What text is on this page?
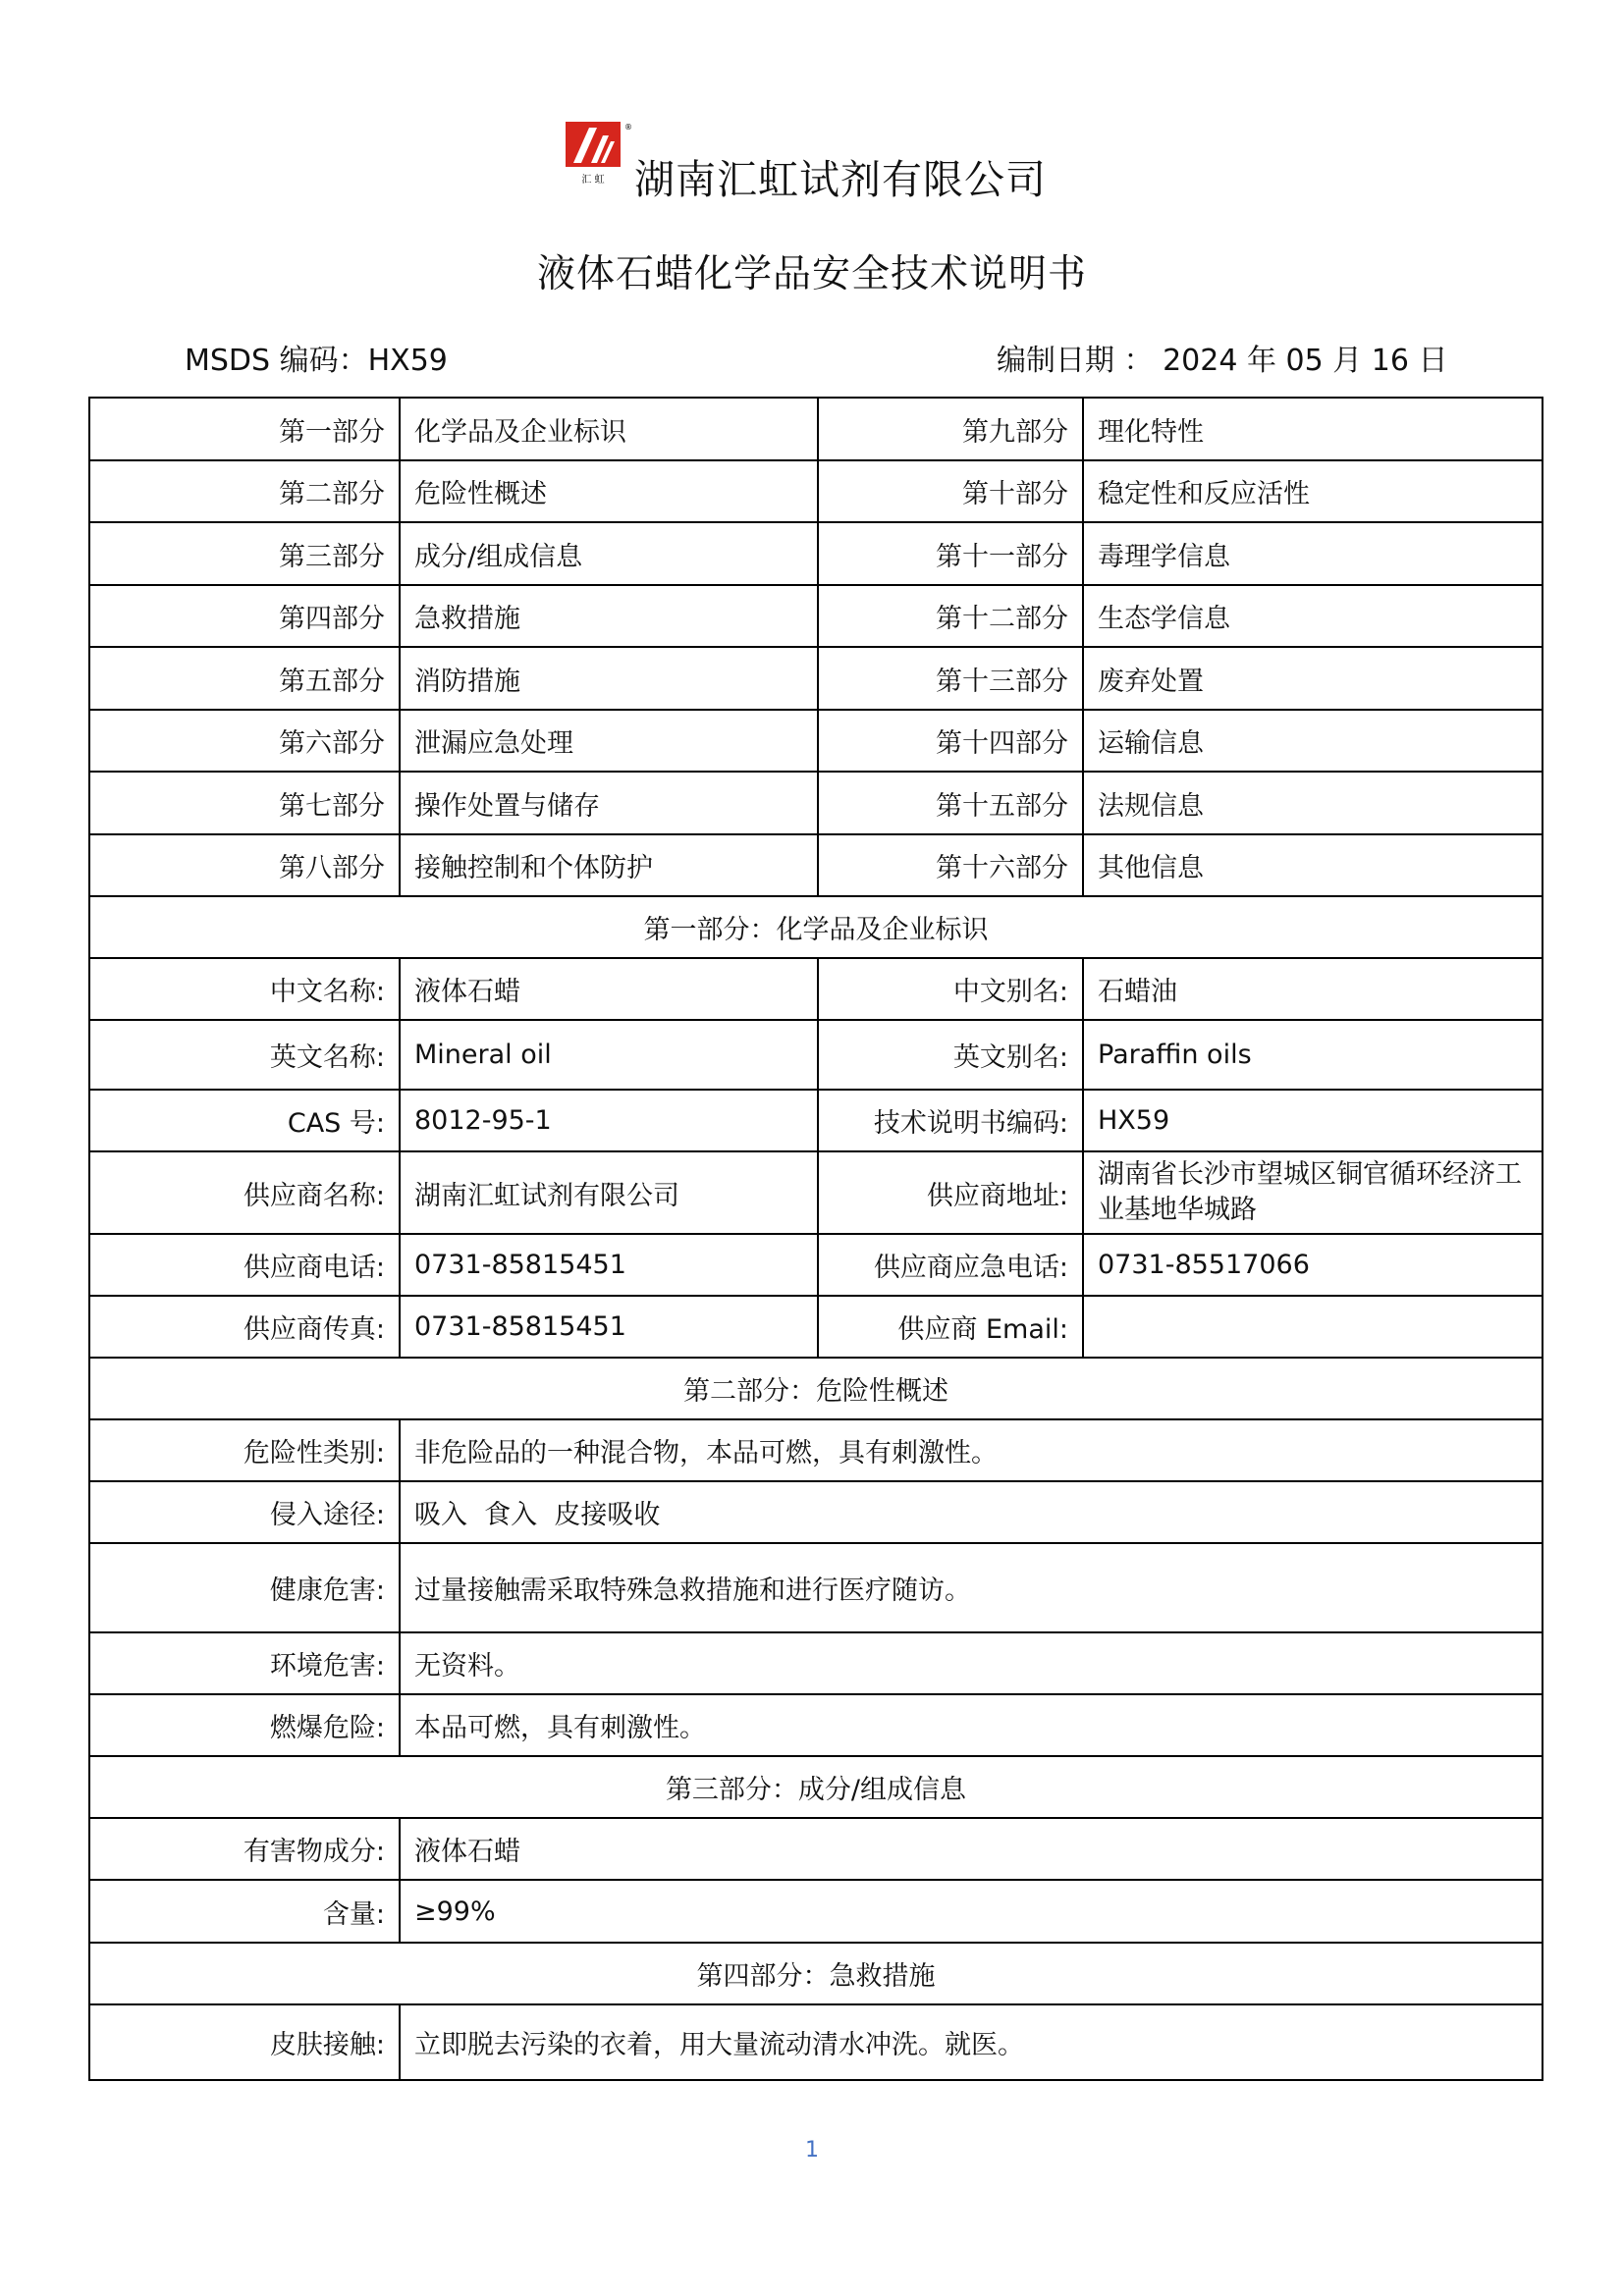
汇 虹
®
湖南汇虹试剂有限公司
液体石蜡化学品安全技术说明书
MSDS 编码：HX59	编制日期 ： 2024 年 05 月 16 日
第一部分	化学品及企业标识	第九部分	理化特性
第二部分	危险性概述	第十部分	稳定性和反应活性
第三部分	成分/组成信息	第十一部分	毒理学信息
第四部分	急救措施	第十二部分	生态学信息
第五部分	消防措施	第十三部分	废弃处置
第六部分	泄漏应急处理	第十四部分	运输信息
第七部分	操作处置与储存	第十五部分	法规信息
第八部分	接触控制和个体防护	第十六部分	其他信息
第一部分：化学品及企业标识			
中文名称:	液体石蜡	中文别名:	石蜡油
英文名称:	Mineral oil	英文别名:	Paraffin oils
CAS 号:	8012-95-1	技术说明书编码:	HX59
供应商名称:	湖南汇虹试剂有限公司	供应商地址:	湖南省长沙市望城区铜官循环经济工业基地华城路
供应商电话:	0731-85815451	供应商应急电话:	0731-85517066
供应商传真:	0731-85815451	供应商 Email:	
第二部分：危险性概述			
危险性类别:	非危险品的一种混合物，本品可燃，具有刺激性。		
侵入途径:	吸入  食入  皮接吸收		
健康危害:	过量接触需采取特殊急救措施和进行医疗随访。		
环境危害:	无资料。		
燃爆危险:	本品可燃，具有刺激性。		
第三部分：成分/组成信息			
有害物成分:	液体石蜡		
含量:	≥99%		
第四部分：急救措施			
皮肤接触:	立即脱去污染的衣着，用大量流动清水冲洗。就医。		
1
